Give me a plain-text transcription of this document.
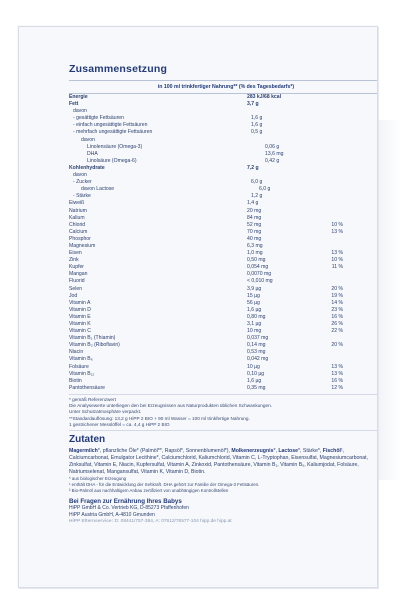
Zusammensetzung
in 100 ml trinkfertiger Nahrung** (% des Tagesbedarfs*)
Energie	283 kJ/68 kcal
Fett	3,7 g
davon
- gesättigte Fettsäuren	1,6 g
- einfach ungesättigte Fettsäuren	1,6 g
- mehrfach ungesättigte Fettsäuren	0,5 g
davon
Linolensäure (Omega-3)	0,06 g
DHA	13,6 mg
Linolsäure (Omega-6)	0,42 g
Kohlenhydrate	7,2 g
davon
- Zucker	6,0 g
davon Lactose	6,0 g
- Stärke	1,2 g
Eiweiß	1,4 g
Natrium	20 mg
Kalium	84 mg
Chlorid	52 mg	10 %
Calcium	70 mg	13 %
Phosphor	40 mg
Magnesium	6,3 mg
Eisen	1,0 mg	13 %
Zink	0,50 mg	10 %
Kupfer	0,054 mg	11 %
Mangan	0,0070 mg
Fluorid	< 0,010 mg
Selen	3,9 µg	20 %
Jod	15 µg	19 %
Vitamin A	56 µg	14 %
Vitamin D	1,6 µg	23 %
Vitamin E	0,80 mg	16 %
Vitamin K	3,1 µg	26 %
Vitamin C	10 mg	22 %
Vitamin B₁ (Thiamin)	0,037 mg
Vitamin B₂ (Riboflavin)	0,14 mg	20 %
Niacin	0,53 mg
Vitamin B₆	0,042 mg
Folsäure	10 µg	13 %
Vitamin B₁₂	0,10 µg	13 %
Biotin	1,6 µg	16 %
Pantothensäure	0,35 mg	12 %
* gemäß Referenzwert
Die Analysewerte unterliegen den bei Erzeugnissen aus Naturprodukten üblichen Schwankungen.
Unter Schutzatmosphäre verpackt.
**Standardauflösung: 13,2 g HiPP 2 BIO + 90 ml Wasser = 100 ml trinkfertige Nahrung.
1 gestrichener Messlöffel = ca. 4,4 g HiPP 2 BIO
Zutaten
Magermilch*, pflanzliche Öle* (Palmöl**, Rapsöl*, Sonnenblumenöl*), Molkenerzeugnis*, Lactose*, Stärke*, Fischöl¹, Calciumcarbonat, Emulgator Lecithine*, Calciumchlorid, Kaliumchlorid, Vitamin C, L-Tryptophan, Eisensulfat, Magnesiumcarbonat, Zinksulfat, Vitamin E, Niacin, Kupfersulfat, Vitamin A, Zinkoxid, Pantothensäure, Vitamin B₁, Vitamin B₆, Kaliumjodat, Folsäure, Natriumselenat, Mangansulfat, Vitamin K, Vitamin D, Biotin.
* aus biologischer Erzeugung
¹ enthält DHA - für die Entwicklung der Sehkraft. DHA gehört zur Familie der Omega-3 Fettsäuren.
² Bio-Palmöl aus nachhaltigem Anbau zertifiziert von unabhängigen Kontrollstellen
Bei Fragen zur Ernährung Ihres Babys
HiPP GmbH & Co. Vertrieb KG, D-85273 Pfaffenhofen
HiPP Austria GmbH, A-4810 Gmunden
HiPP Elternservice: D: 08441/757-384, A: 07612/76577-104 hipp.de hipp.at
